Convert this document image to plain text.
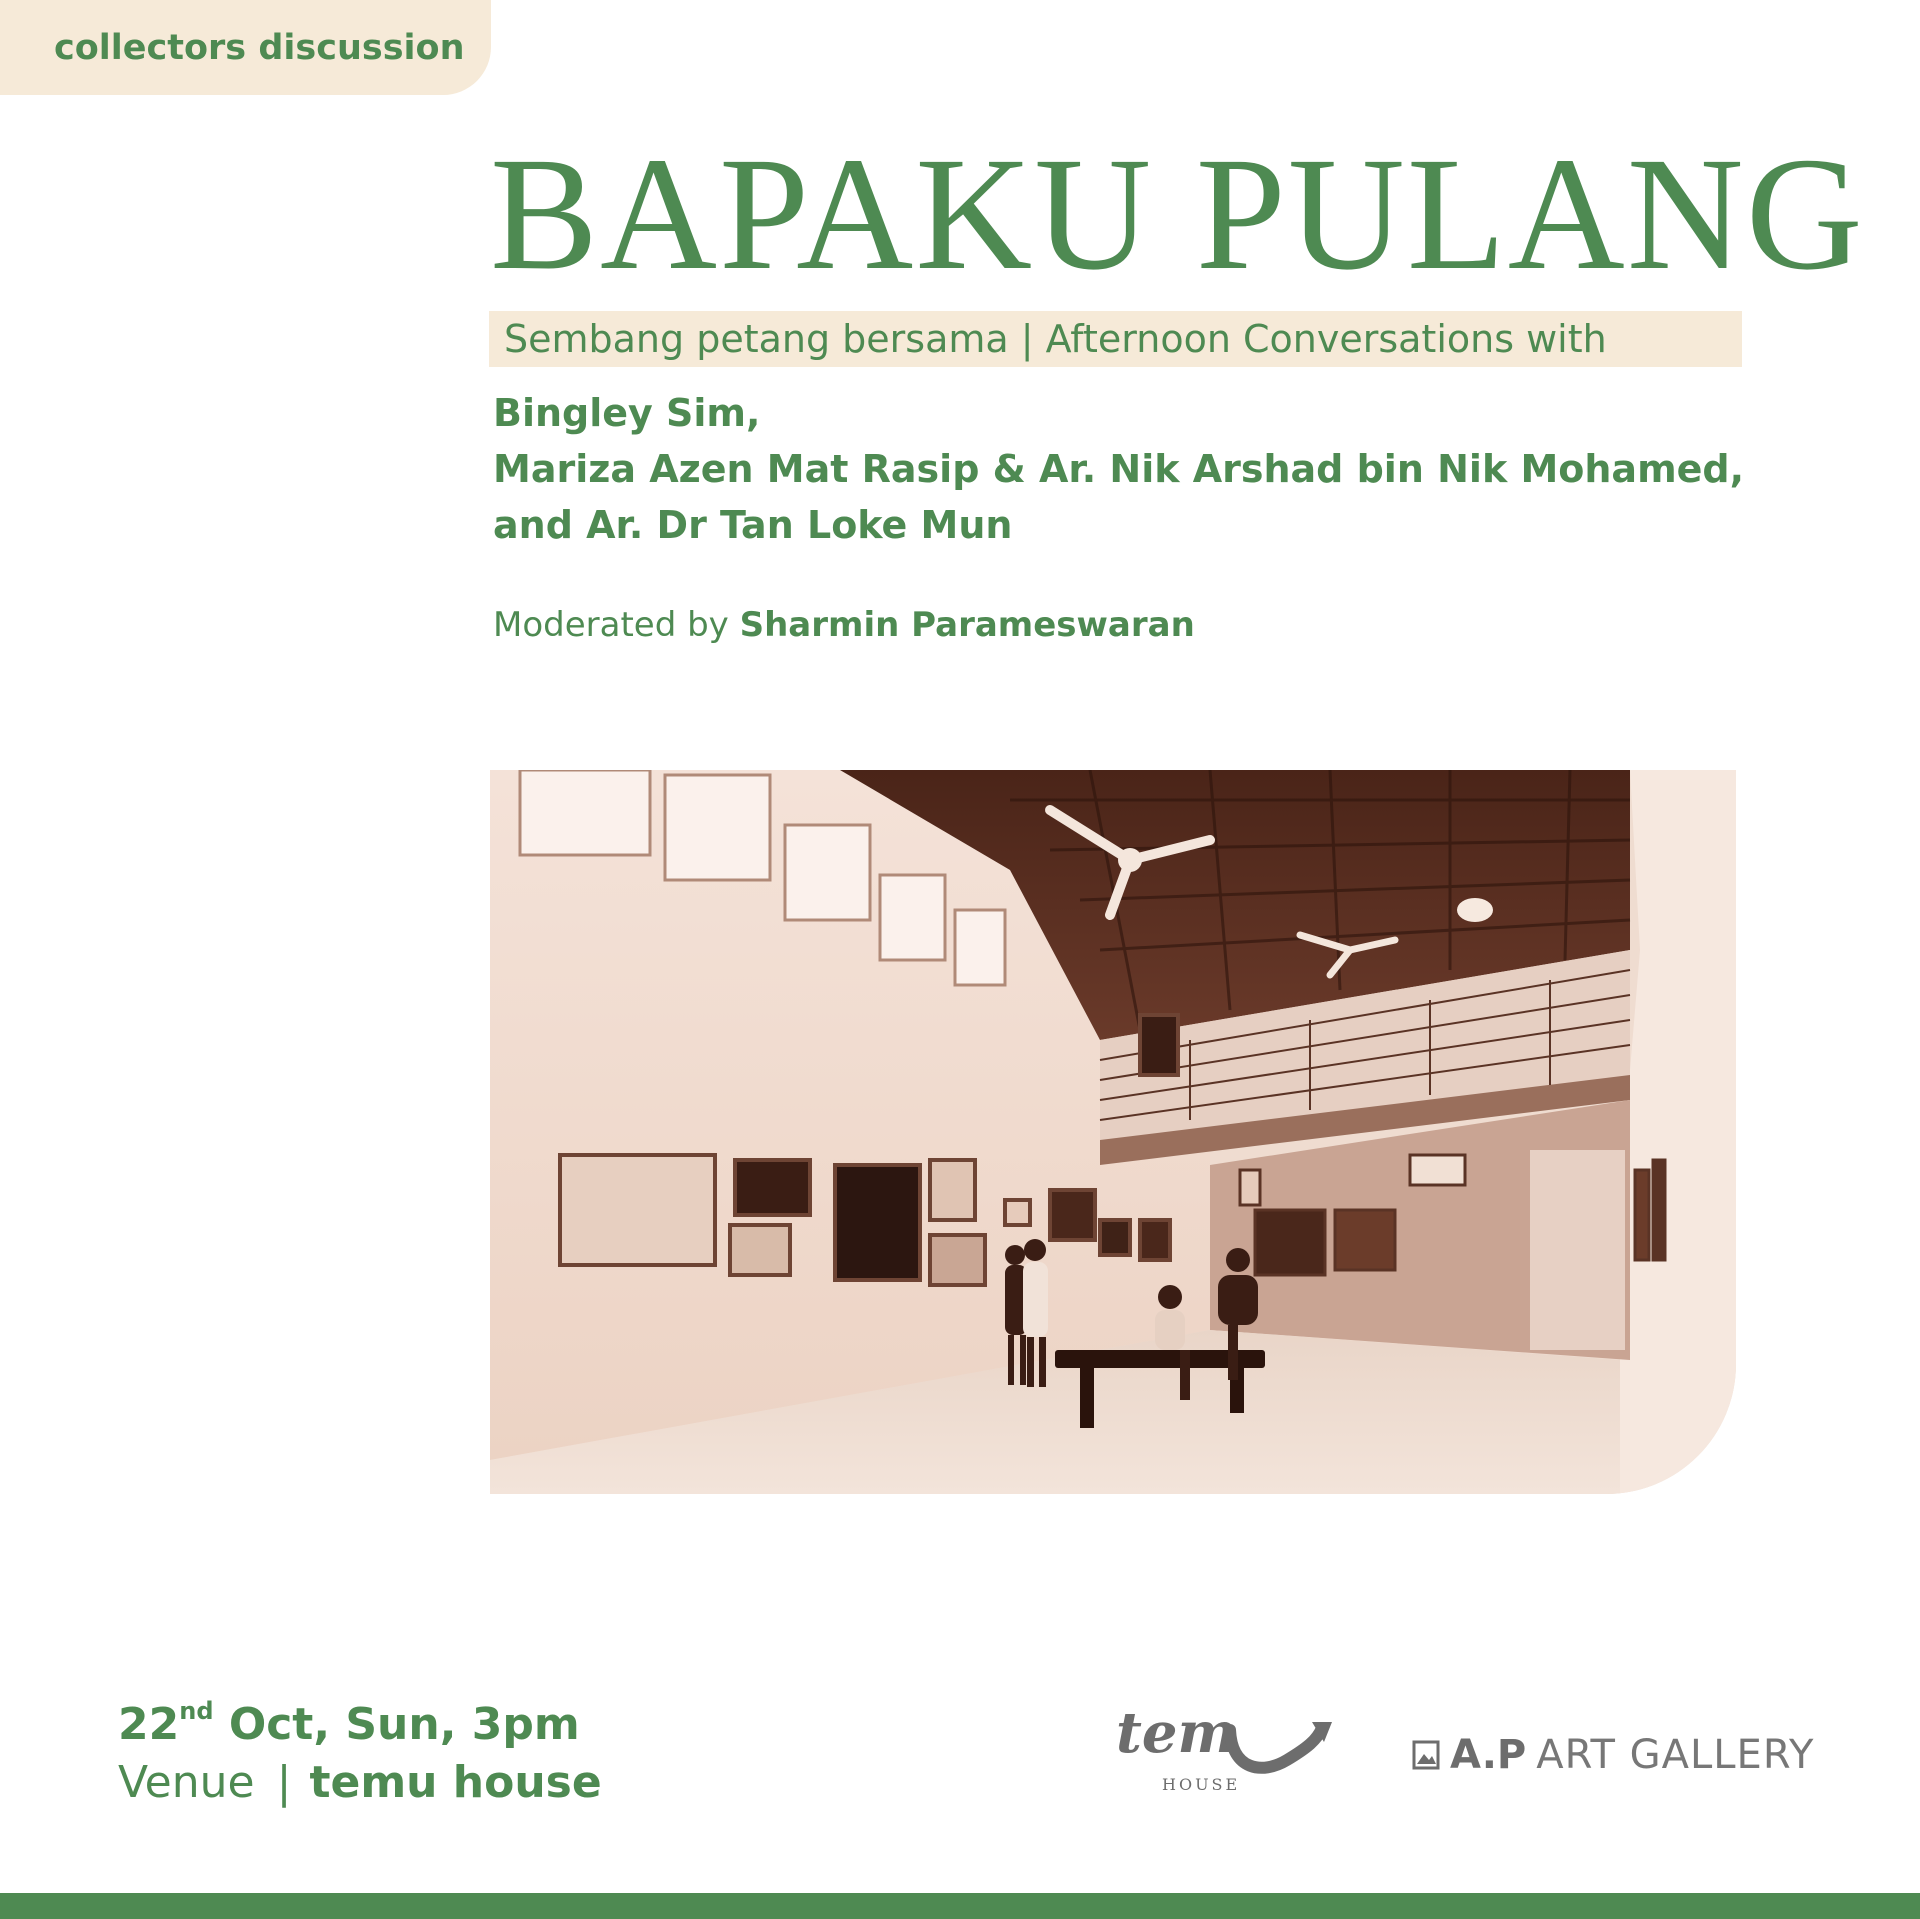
collectors discussion
BAPAKU PULANG
Sembang petang bersama | Afternoon Conversations with
Bingley Sim,
Mariza Azen Mat Rasip & Ar. Nik Arshad bin Nik Mohamed,
and Ar. Dr Tan Loke Mun
Moderated by Sharmin Parameswaran
22nd Oct, Sun, 3pm
Venue | temu house
tem
HOUSE
A.P ART GALLERY
